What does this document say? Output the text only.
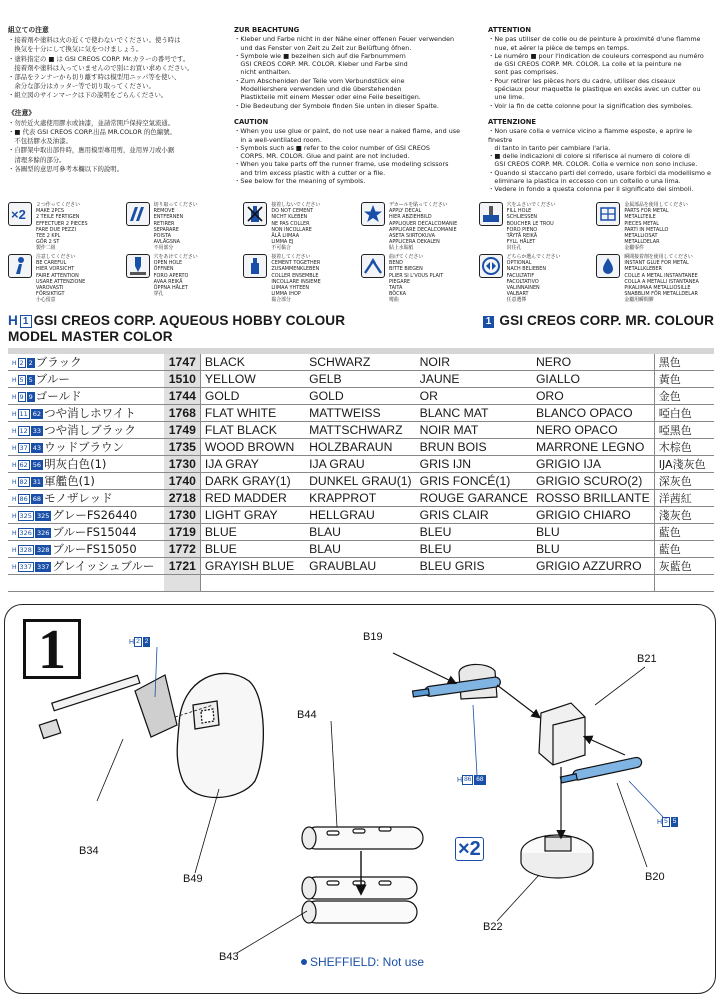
組立ての注意

・接着剤や塗料は火の近くで使わないでください。使う時は

　換気を十分にして換気に気をつけましょう。

・塗料指定の ■ は GSI CREOS CORP. Mr.カラーの番号です。

　接着剤や塗料は入っていませんので別にお買い求めください。

・部品をランナーから切り離す時は模型用ニッパ等を使い、

　余分な部分はカッター等で切り取ってください。

・組立図のサインマークは下の説明をごらんください。

《注意》

・勿於近火處使用膠水或油漆，並請常開戶保持空氣流通。

・■ 代表 GSI CREOS CORP.出品 MR.COLOR 的色編號。

　不包括膠水及油漆。

・自膠架中取出部件時，應用模型專用剪，並用界刀或小鋸

　清理多餘的部分。

・各圖型的意思可參考本欄以下的說明。

ZUR BEACHTUNG

・Kleber und Farbe nicht in der Nähe einer offenen Feuer verwenden

　und das Fenster von Zeit zu Zeit zur Belüftung öfnen.

・Symbole wie ■ bezeihen sich auf die Farbnummern

　GSI CREOS CORP. MR. COLOR. Kleber und Farbe sind

　nicht enthalten.

・Zum Abscheniden der Teile vom Verbundstück eine

　Modelliershere verwenden und die überstehenden

　Plastikteile mit einem Messer oder eine Feile beseitigen.

・Die Bedeutung der Symbole finden Sie unten in dieser Spalte.

CAUTION

・When you use glue or paint, do not use near a naked flame, and use

　in a well-ventilated room.

・Symbols such as ■ refer to the color number of GSI CREOS

　CORPS. MR. COLOR. Glue and paint are not included.

・When you take parts off the runner frame, use modeling scissors

　and trim excess plastic with a cutter or a file.

・See below for the meaning of symbols.

ATTENTION

・Ne pas utiliser de colle ou de peinture à proximité d'une flamme

　nue, et aérer la pièce de temps en temps.

・Le numéro ■ pour l'indication de couleurs correspond au numéro

　de GSI CREOS CORP. MR. COLOR. La colle et la peinture ne

　sont pas comprises.

・Pour retirer les pièces hors du cadre, utiliser des ciseaux

　spéciaux pour maquette le plastique en excès avec un cutter ou

　une lime.

・Voir la fin de cette colonne pour la signification des symboles.

ATTENZIONE

・Non usare colla e vernice vicino a fiamme esposte, e aprire le finestre

　di tanto in tanto per cambiare l'aria.

・■ delle indicazioni di colore si riferisce al numero di colore di

　GSI CREOS CORP. MR. COLOR. Colla e vernice non sono incluse.

・Quando si staccano parti del corredo, usare forbici da modellismo e

　eliminare la plastica in eccesso con un coltello o una lima.

・Vedere in fondo a questa colonna per il significato dei simboli.

×2
２つ作ってください
MAKE 2PCS
2 TEILE FERTIGEN
EFFECTUER 2 PIECES
FARE DUE PEZZI
TEE 2 KPL
GÖR 2 ST
製作二組
切り取ってください
REMOVE
ENTFERNEN
RETIRER
SEPARARE
POISTA
AVLÄGSNA
不用部分
接着しないでください
DO NOT CEMENT
NICHT KLEBEN
NE PAS COLLER
NON INCOLLARE
ÄLÄ LIIMAA
LIMMA EJ
不可黏合
デカールを貼ってください
APPLY DECAL
HIER ABZIEHBILD
APPLIQUER DECALCOMANIE
APPLICARE DECALCOMANIE
ASETA SIIRTOKUVA
APPLICERA DEKALEN
貼上水貼紙
穴をふさいでください
FILL HOLE
SCHLIESSEN
BOUCHER LE TROU
FORO PIENO
TÄYTÄ REIKÄ
FYLL HÅLET
封住孔
金属部品を使用してください
PARTS FOR METAL
METALLTEILE
PIECES METAL
PARTI IN METALLO
METALLIOSAT
METALLDELAR
金屬零件
注意してください
BE CAREFUL
HIER VORSICHT
FAIRE ATTENTION
USARE ATTENZIONE
VAROVASTI
FÖRSIKTIGT
小心留意
穴をあけてください
OPEN HOLE
ÖFFNEN
FORO APERTO
AVAA REIKÄ
ÖPPNA HÅLET
穿孔
接着してください
CEMENT TOGETHER
ZUSAMMENKLEBEN
COLLER ENSEMBLE
INCOLLARE INSIEME
LIIMAA YHTEEN
LIMMA IHOP
黏合部分
曲げてください
BEND
BITTE BIEGEN
PLIER SI L'VOUS PLAIT
PIEGARE
TAITA
BÖCKA
彎曲
どちらか選んでください
OPTIONAL
NACH BELIEBEN
FACULTATIF
FACOLTATIVO
VALINNAINEN
VALBART
任意選擇
瞬間接着剤を使用してください
INSTANT GLUE FOR METAL
METALLKLEBER
COLLE A METAL INSTANTANEE
COLLA A METALLI ISTANTANEA
PIKALIIMAA METALLIOSILLE
SNABBLIM FÖR METALLDELAR
金屬用瞬間膠
H 1 GSI CREOS CORP. AQUEOUS HOBBY COLOUR	1 GSI CREOS CORP. MR. COLOUR
MODEL MASTER COLOR
H 2 2 ブラック	1747	BLACK	SCHWARZ	NOIR	NERO	黑色
H 5 5 ブルー	1510	YELLOW	GELB	JAUNE	GIALLO	黃色
H 9 9 ゴールド	1744	GOLD	GOLD	OR	ORO	金色
H 11 62 つや消しホワイト	1768	FLAT WHITE	MATTWEISS	BLANC MAT	BLANCO OPACO	啞白色
H 12 33 つや消しブラック	1749	FLAT BLACK	MATTSCHWARZ	NOIR MAT	NERO OPACO	啞黑色
H 37 43 ウッドブラウン	1735	WOOD BROWN	HOLZBARAUN	BRUN BOIS	MARRONE LEGNO	木棕色
H 62 56 明灰白色(1)	1730	IJA GRAY	IJA GRAU	GRIS IJN	GRIGIO IJA	IJA淺灰色
H 82 31 軍艦色(1)	1740	DARK GRAY(1)	DUNKEL GRAU(1)	GRIS FONCÉ(1)	GRIGIO SCURO(2)	深灰色
H 86 68 モノザレッド	2718	RED MADDER	KRAPPROT	ROUGE GARANCE	ROSSO BRILLANTE	洋茜紅
H 325 325 グレーFS26440	1730	LIGHT GRAY	HELLGRAU	GRIS CLAIR	GRIGIO CHIARO	淺灰色
H 326 326 ブルーFS15044	1719	BLUE	BLAU	BLEU	BLU	藍色
H 328 328 ブルーFS15050	1772	BLUE	BLAU	BLEU	BLU	藍色
H 337 337 グレイッシュブルー	1721	GRAYISH BLUE	GRAUBLAU	BLEU GRIS	GRIGIO AZZURRO	灰藍色

1	H 2 2
H 86 68
H 5 5
B34
B49
B44
B43
B19
B21
B20
B22
×2
SHEFFIELD: Not use
